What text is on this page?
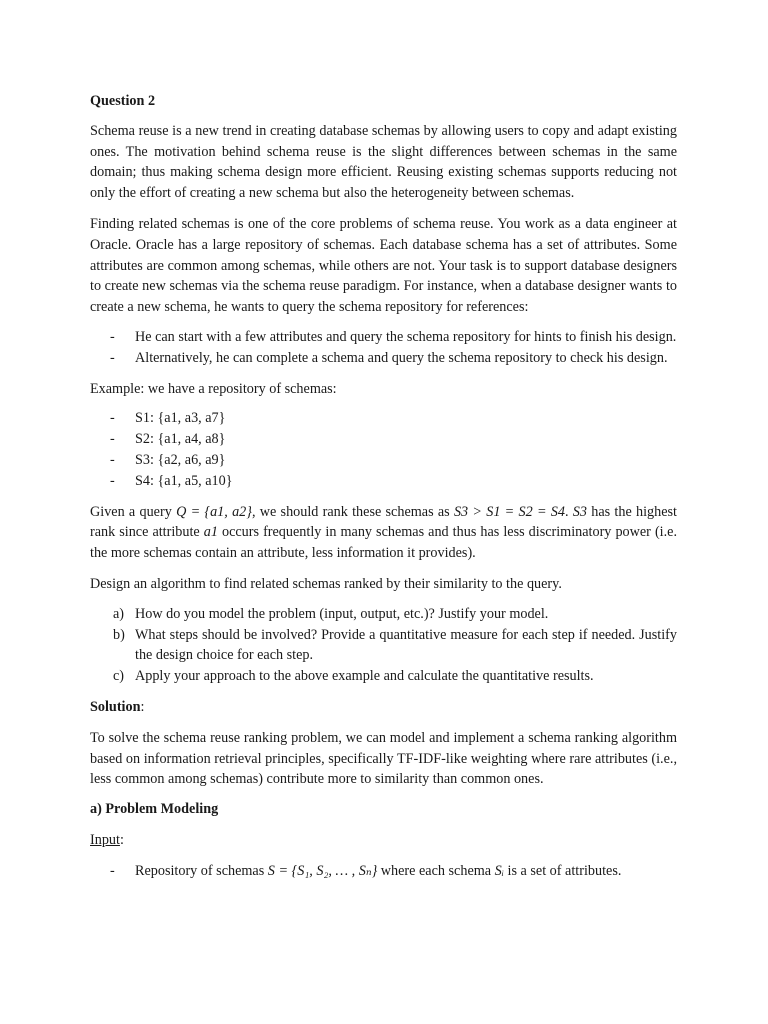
Question 2

Schema reuse is a new trend in creating database schemas by allowing users to copy and adapt existing ones. The motivation behind schema reuse is the slight differences between schemas in the same domain; thus making schema design more efficient. Reusing existing schemas supports reducing not only the effort of creating a new schema but also the heterogeneity between schemas.

Finding related schemas is one of the core problems of schema reuse. You work as a data engineer at Oracle. Oracle has a large repository of schemas. Each database schema has a set of attributes. Some attributes are common among schemas, while others are not. Your task is to support database designers to create new schemas via the schema reuse paradigm. For instance, when a database designer wants to create a new schema, he wants to query the schema repository for references:

- He can start with a few attributes and query the schema repository for hints to finish his design.
- Alternatively, he can complete a schema and query the schema repository to check his design.

Example: we have a repository of schemas:

- S1: {a1, a3, a7}
- S2: {a1, a4, a8}
- S3: {a2, a6, a9}
- S4: {a1, a5, a10}

Given a query Q = {a1, a2}, we should rank these schemas as S3 > S1 = S2 = S4. S3 has the highest rank since attribute a1 occurs frequently in many schemas and thus has less discriminatory power (i.e. the more schemas contain an attribute, less information it provides).

Design an algorithm to find related schemas ranked by their similarity to the query.

a) How do you model the problem (input, output, etc.)? Justify your model.
b) What steps should be involved? Provide a quantitative measure for each step if needed. Justify the design choice for each step.
c) Apply your approach to the above example and calculate the quantitative results.

Solution:

To solve the schema reuse ranking problem, we can model and implement a schema ranking algorithm based on information retrieval principles, specifically TF-IDF-like weighting where rare attributes (i.e., less common among schemas) contribute more to similarity than common ones.

a) Problem Modeling

Input:

- Repository of schemas S = {S₁, S₂, … , Sₙ} where each schema Sᵢ is a set of attributes.
